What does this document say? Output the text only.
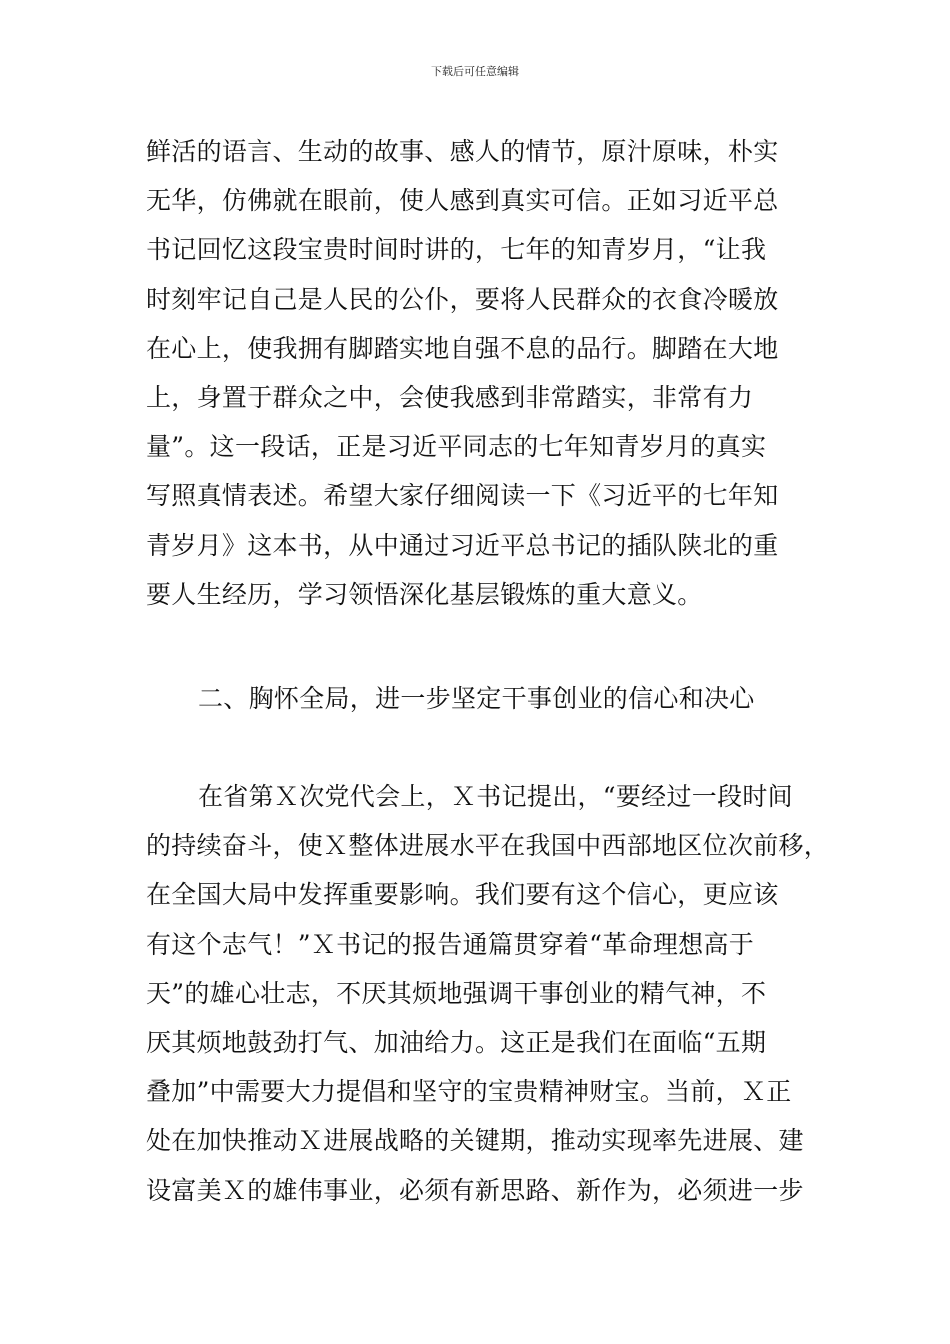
下载后可任意编辑
鲜活的语言、生动的故事、感人的情节，原汁原味，朴实
无华，仿佛就在眼前，使人感到真实可信。正如习近平总
书记回忆这段宝贵时间时讲的，七年的知青岁月，“让我
时刻牢记自己是人民的公仆，要将人民群众的衣食冷暖放
在心上，使我拥有脚踏实地自强不息的品行。脚踏在大地
上，身置于群众之中，会使我感到非常踏实，非常有力
量”。这一段话，正是习近平同志的七年知青岁月的真实
写照真情表述。希望大家仔细阅读一下《习近平的七年知
青岁月》这本书，从中通过习近平总书记的插队陕北的重
要人生经历，学习领悟深化基层锻炼的重大意义。
二、胸怀全局，进一步坚定干事创业的信心和决心
在省第Ｘ次党代会上，Ｘ书记提出，“要经过一段时间
的持续奋斗，使Ｘ整体进展水平在我国中西部地区位次前移，
在全国大局中发挥重要影响。我们要有这个信心，更应该
有这个志气！”Ｘ书记的报告通篇贯穿着“革命理想高于
天”的雄心壮志，不厌其烦地强调干事创业的精气神，不
厌其烦地鼓劲打气、加油给力。这正是我们在面临“五期
叠加”中需要大力提倡和坚守的宝贵精神财宝。当前，Ｘ正
处在加快推动Ｘ进展战略的关键期，推动实现率先进展、建
设富美Ｘ的雄伟事业，必须有新思路、新作为，必须进一步
